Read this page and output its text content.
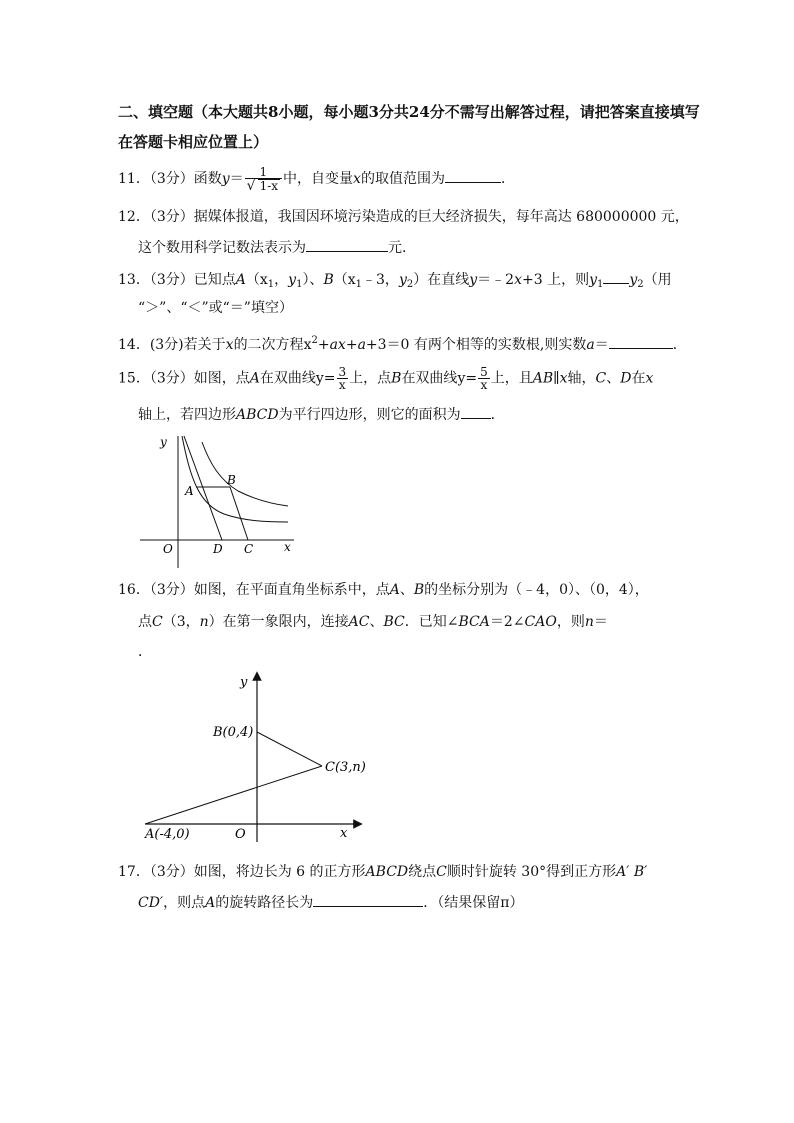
二、填空题（本大题共8小题，每小题3分共24分不需写出解答过程，请把答案直接填写
在答题卡相应位置上）
11．（3分）函数$y= \frac{1}{√ 1-x}$ 中，自变量x的取值范围为	．
12．（3分）据媒体报道，我国因环境污染造成的巨大经济损失，每年高达 680000000 元，
这个数用科学记数法表示为	元．
13．（3分）已知点$A(x_1$，$y_1$）、$B(x_1﹣3$，$y_2$）在直线y＝﹣2x+3 上，则$y_1$ $y_2$（用
“＞”、“＜”或“＝”填空）
14．(3分)若关于x的二次方程$x^2+ax+a+3=0$ 有两个相等的实数根,则实数a＝	．
15．（3分）如图，点A在双曲线$y= \frac{3}{x}$ 上，点B在双曲线$y= \frac{5}{x}$ 上，且AB∥x轴，C、D在x
轴上，若四边形ABCD为平行四边形，则它的面积为 ．
y
A
B
O	D C	x
16．（3分）如图，在平面直角坐标系中，点A、B的坐标分别为（﹣4，0）、（0，4），
点C（3，n）在第一象限内，连接AC、BC．已知∠BCA＝2∠CAO，则n＝
．
y
B(0,4)
C(3,n)
A(-4,0)	O	x
17．（3分）如图，将边长为 6 的正方形ABCD绕点C顺时针旋转 30°得到正方形A′ B′
CD′，则点A的旋转路径长为	．（结果保留π）
